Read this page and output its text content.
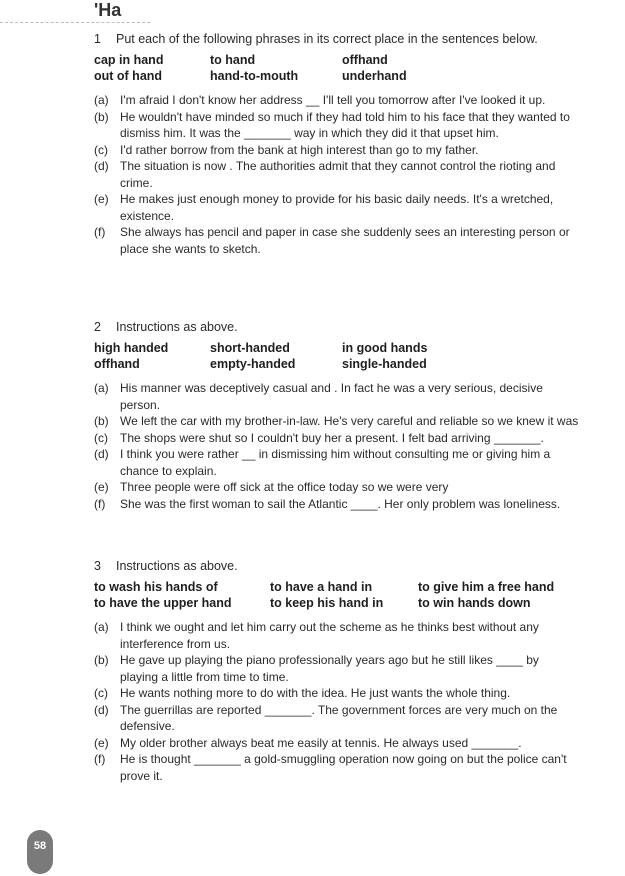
'Ha
1 Put each of the following phrases in its correct place in the sentences below.
cap in hand	to hand	offhand
out of hand	hand-to-mouth	underhand
(a) I'm afraid I don't know her address __ I'll tell you tomorrow after I've looked it up.
(b) He wouldn't have minded so much if they had told him to his face that they wanted to dismiss him. It was the _______ way in which they did it that upset him.
(c)	I'd rather borrow from the bank at high interest than go to my father.
(d) The situation is now . The authorities admit that they cannot control the rioting and crime.
(e) He makes just enough money to provide for his basic daily needs. It's a wretched, existence.
(f)	She always has pencil and paper in case she suddenly sees an interesting person or place she wants to sketch.
2 Instructions as above.
high handed	short-handed	in good hands
offhand	empty-handed	single-handed
(a) His manner was deceptively casual and . In fact he was a very serious, decisive person.
(b) We left the car with my brother-in-law. He's very careful and reliable so we knew it was
(c)	The shops were shut so I couldn't buy her a present. I felt bad arriving _______.
(d) I think you were rather __ in dismissing him without consulting me or giving him a chance to explain.
(e) Three people were off sick at the office today so we were very
(f)	She was the first woman to sail the Atlantic ____. Her only problem was loneliness.
3 Instructions as above.
to wash his hands of	to have a hand in	to give him a free hand
to have the upper hand	to keep his hand in	to win hands down
(a) I think we ought and let him carry out the scheme as he thinks best without any interference from us.
(b) He gave up playing the piano professionally years ago but he still likes ____ by playing a little from time to time.
(c)	He wants nothing more to do with the idea. He just wants the whole thing.
(d) The guerrillas are reported _______. The government forces are very much on the defensive.
(e) My older brother always beat me easily at tennis. He always used _______.
(f)	He is thought _______ a gold-smuggling operation now going on but the police can't prove it.
58
